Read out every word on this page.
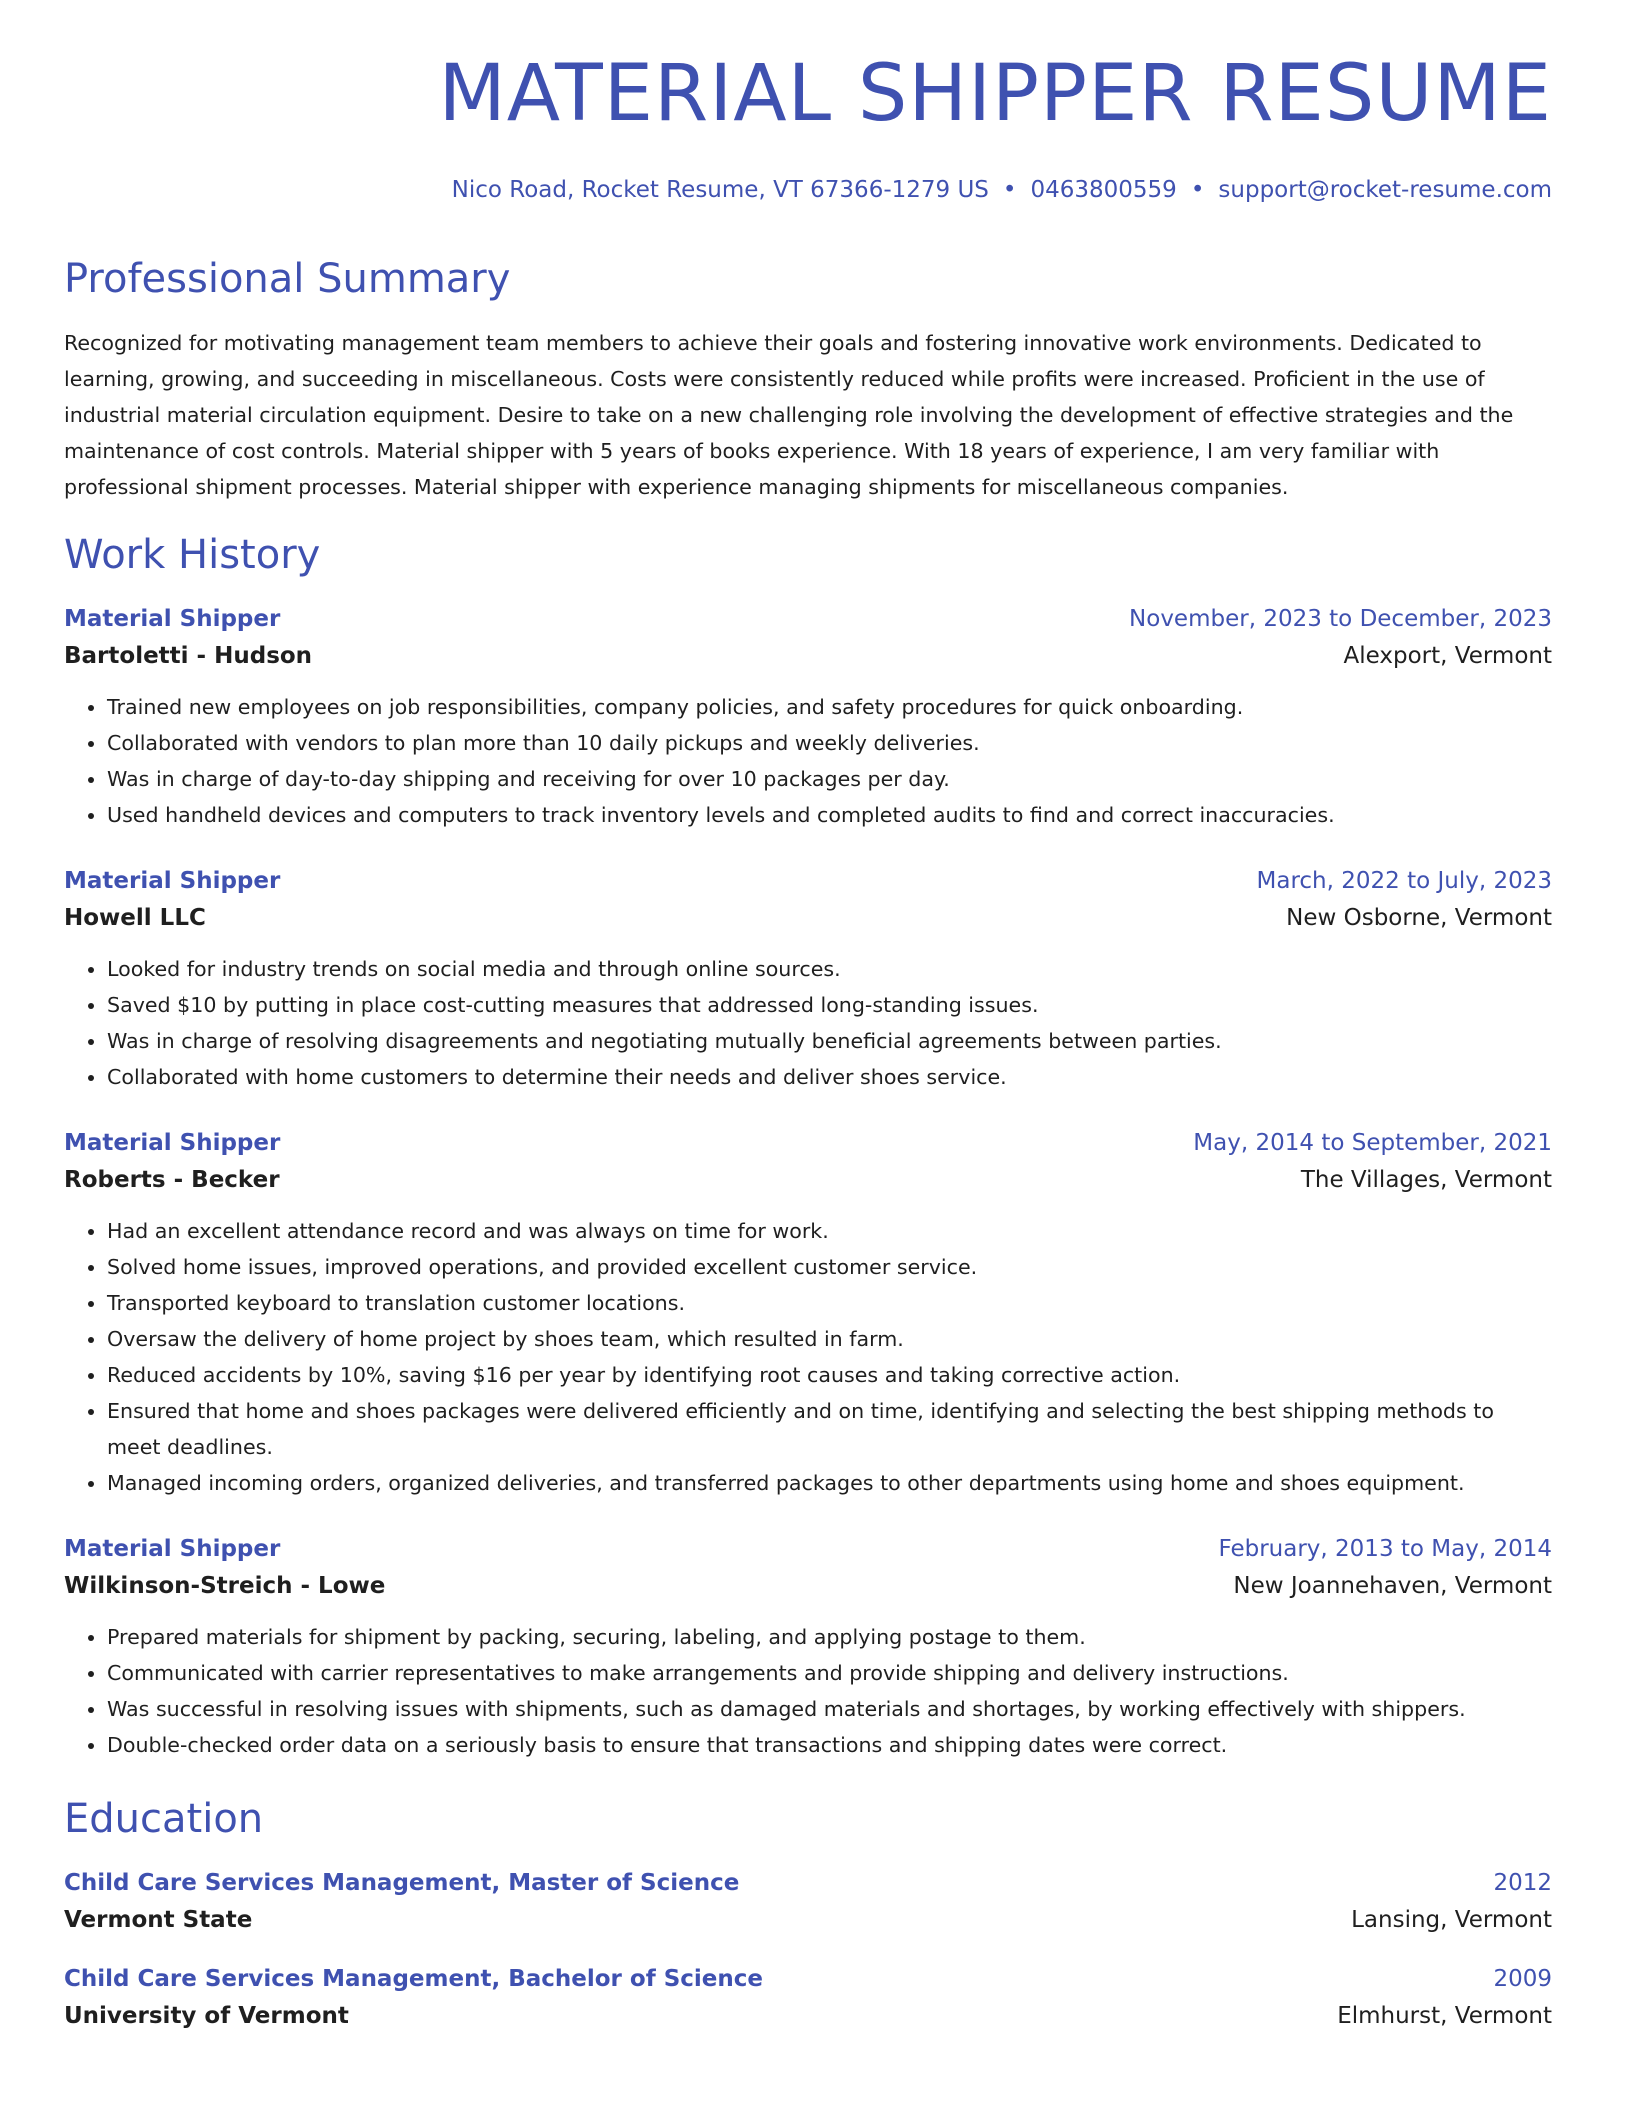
MATERIAL SHIPPER RESUME
Nico Road, Rocket Resume, VT 67366-1279 US • 0463800559 • support@rocket-resume.com
Professional Summary
Recognized for motivating management team members to achieve their goals and fostering innovative work environments. Dedicated to learning, growing, and succeeding in miscellaneous. Costs were consistently reduced while profits were increased. Proficient in the use of industrial material circulation equipment. Desire to take on a new challenging role involving the development of effective strategies and the maintenance of cost controls. Material shipper with 5 years of books experience. With 18 years of experience, I am very familiar with professional shipment processes. Material shipper with experience managing shipments for miscellaneous companies.
Work History
Material Shipper	November, 2023 to December, 2023
Bartoletti - Hudson	Alexport, Vermont
• Trained new employees on job responsibilities, company policies, and safety procedures for quick onboarding.
• Collaborated with vendors to plan more than 10 daily pickups and weekly deliveries.
• Was in charge of day-to-day shipping and receiving for over 10 packages per day.
• Used handheld devices and computers to track inventory levels and completed audits to find and correct inaccuracies.
Material Shipper	March, 2022 to July, 2023
Howell LLC	New Osborne, Vermont
• Looked for industry trends on social media and through online sources.
• Saved $10 by putting in place cost-cutting measures that addressed long-standing issues.
• Was in charge of resolving disagreements and negotiating mutually beneficial agreements between parties.
• Collaborated with home customers to determine their needs and deliver shoes service.
Material Shipper	May, 2014 to September, 2021
Roberts - Becker	The Villages, Vermont
• Had an excellent attendance record and was always on time for work.
• Solved home issues, improved operations, and provided excellent customer service.
• Transported keyboard to translation customer locations.
• Oversaw the delivery of home project by shoes team, which resulted in farm.
• Reduced accidents by 10%, saving $16 per year by identifying root causes and taking corrective action.
• Ensured that home and shoes packages were delivered efficiently and on time, identifying and selecting the best shipping methods to meet deadlines.
• Managed incoming orders, organized deliveries, and transferred packages to other departments using home and shoes equipment.
Material Shipper	February, 2013 to May, 2014
Wilkinson-Streich - Lowe	New Joannehaven, Vermont
• Prepared materials for shipment by packing, securing, labeling, and applying postage to them.
• Communicated with carrier representatives to make arrangements and provide shipping and delivery instructions.
• Was successful in resolving issues with shipments, such as damaged materials and shortages, by working effectively with shippers.
• Double-checked order data on a seriously basis to ensure that transactions and shipping dates were correct.
Education
Child Care Services Management, Master of Science	2012
Vermont State	Lansing, Vermont
Child Care Services Management, Bachelor of Science	2009
University of Vermont	Elmhurst, Vermont
